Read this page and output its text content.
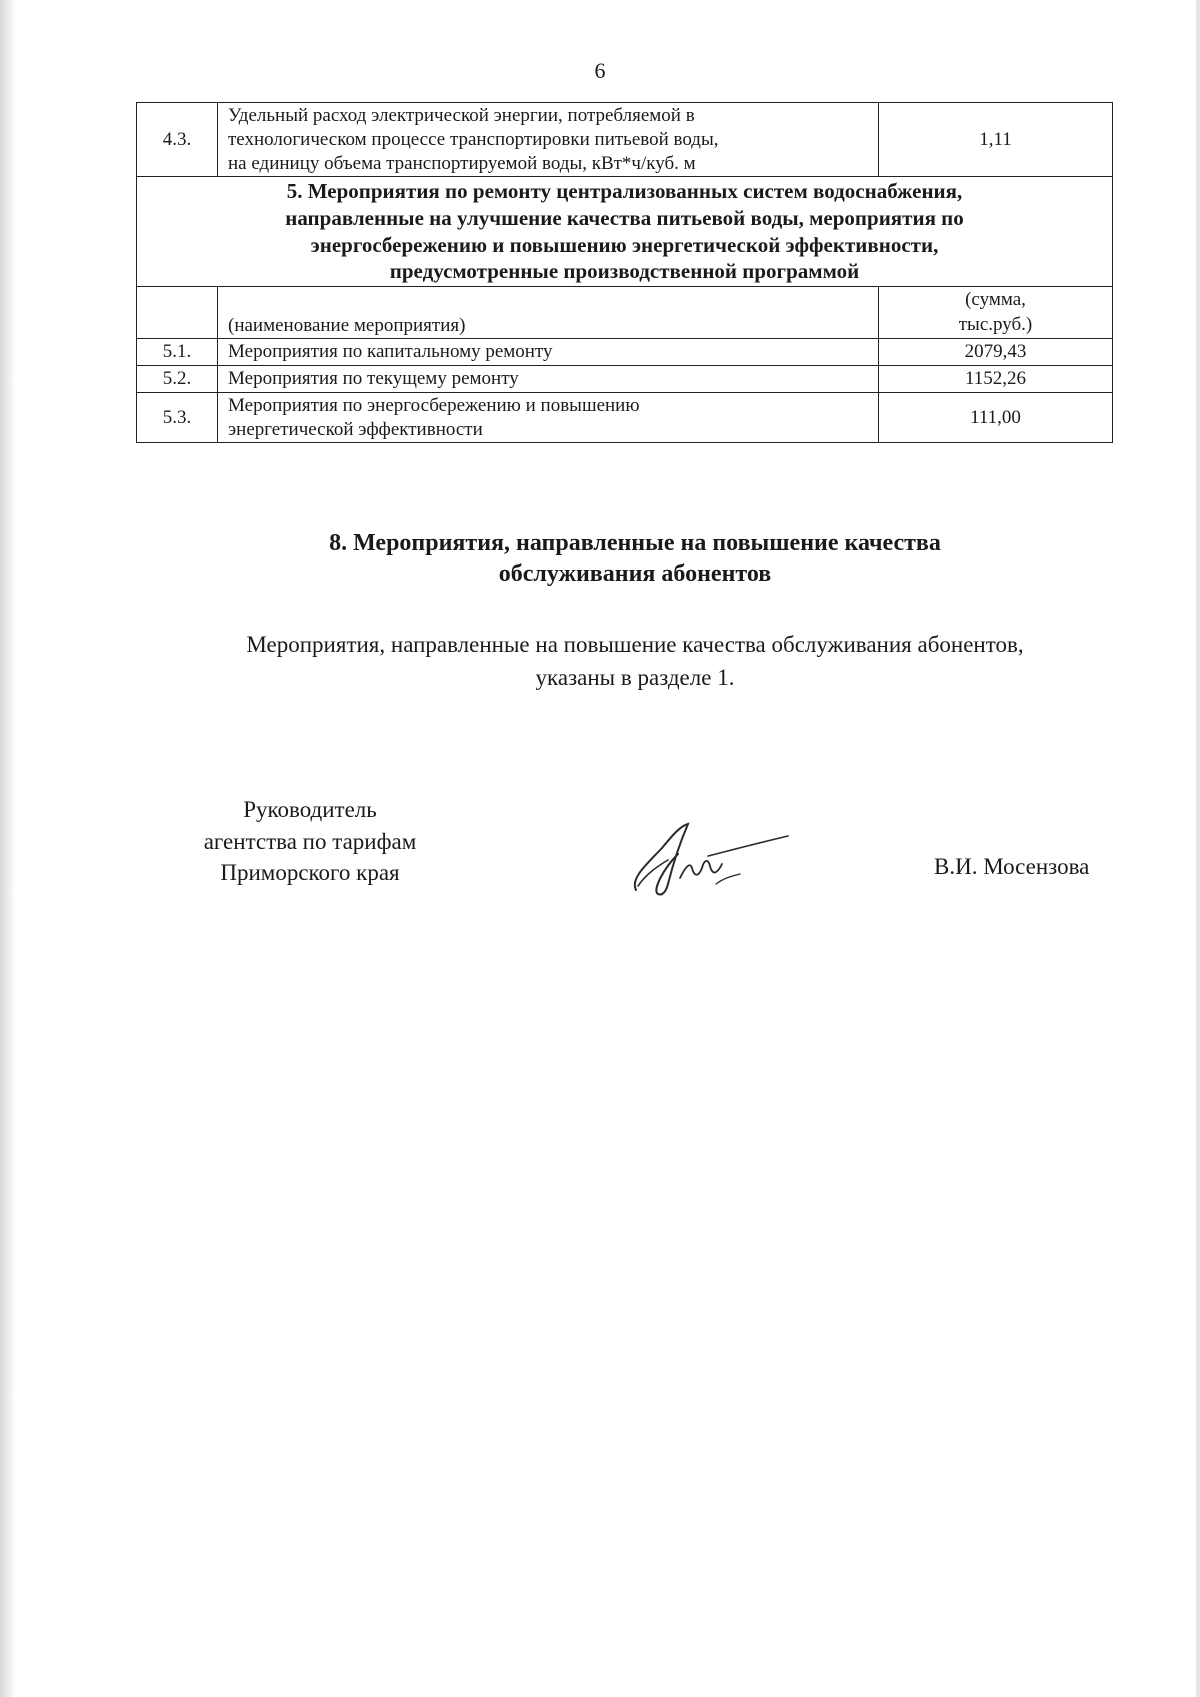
6
4.3.	Удельный расход электрической энергии, потребляемой в
технологическом процессе транспортировки питьевой воды,
на единицу объема транспортируемой воды, кВт*ч/куб. м	1,11

5. Мероприятия по ремонту централизованных систем водоснабжения,
направленные на улучшение качества питьевой воды, мероприятия по
энергосбережению и повышению энергетической эффективности,
предусмотренные производственной программой		

	(наименование мероприятия)	(сумма,
тыс.руб.)

5.1.	Мероприятия по капитальному ремонту	2079,43
5.2.	Мероприятия по текущему ремонту	1152,26
5.3.	Мероприятия по энергосбережению и повышению
энергетической эффективности	111,00
8. Мероприятия, направленные на повышение качества
обслуживания абонентов
Мероприятия, направленные на повышение качества обслуживания абонентов,
указаны в разделе 1.
Руководитель
агентства по тарифам
Приморского края	В.И. Мосензова
